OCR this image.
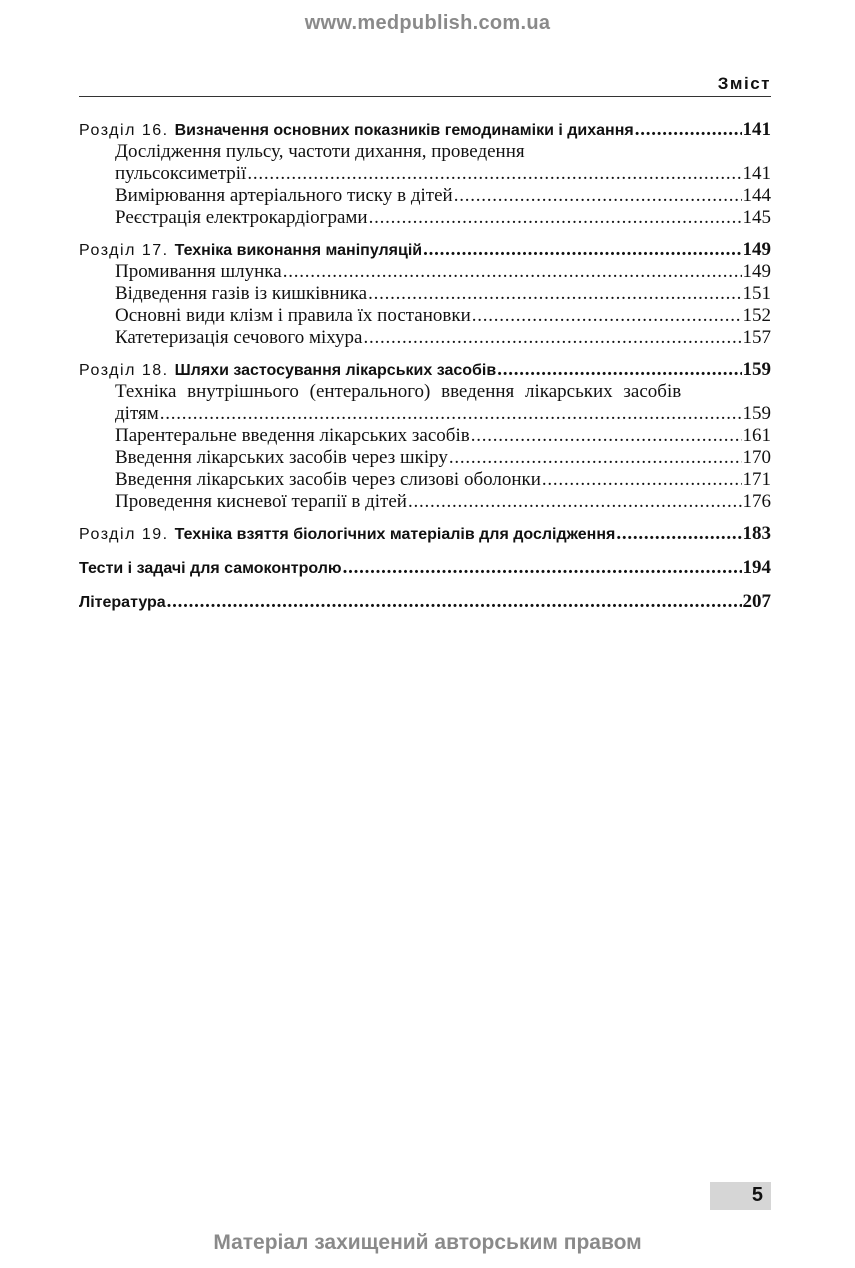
www.medpublish.com.ua
Зміст
Розділ 16. Визначення основних показників гемодинаміки і дихання . . .	141
Дослідження пульсу, частоти дихання, проведення
пульсоксиметрії . . .	141
Вимірювання артеріального тиску в дітей . . .	144
Реєстрація електрокардіограми . . .	145
Розділ 17. Техніка виконання маніпуляцій . . .	149
Промивання шлунка . . .	149
Відведення газів із кишківника . . .	151
Основні види клізм і правила їх постановки . . .	152
Катетеризація сечового міхура . . .	157
Розділ 18. Шляхи застосування лікарських засобів . . .	159
Техніка внутрішнього (ентерального) введення лікарських засобів
дітям . . .	159
Парентеральне введення лікарських засобів . . .	161
Введення лікарських засобів через шкіру . . .	170
Введення лікарських засобів через слизові оболонки . . .	171
Проведення кисневої терапії в дітей . . .	176
Розділ 19. Техніка взяття біологічних матеріалів для дослідження . . .	183
Тести і задачі для самоконтролю . . .	194
Література . . .	207
5
Матеріал захищений авторським правом
